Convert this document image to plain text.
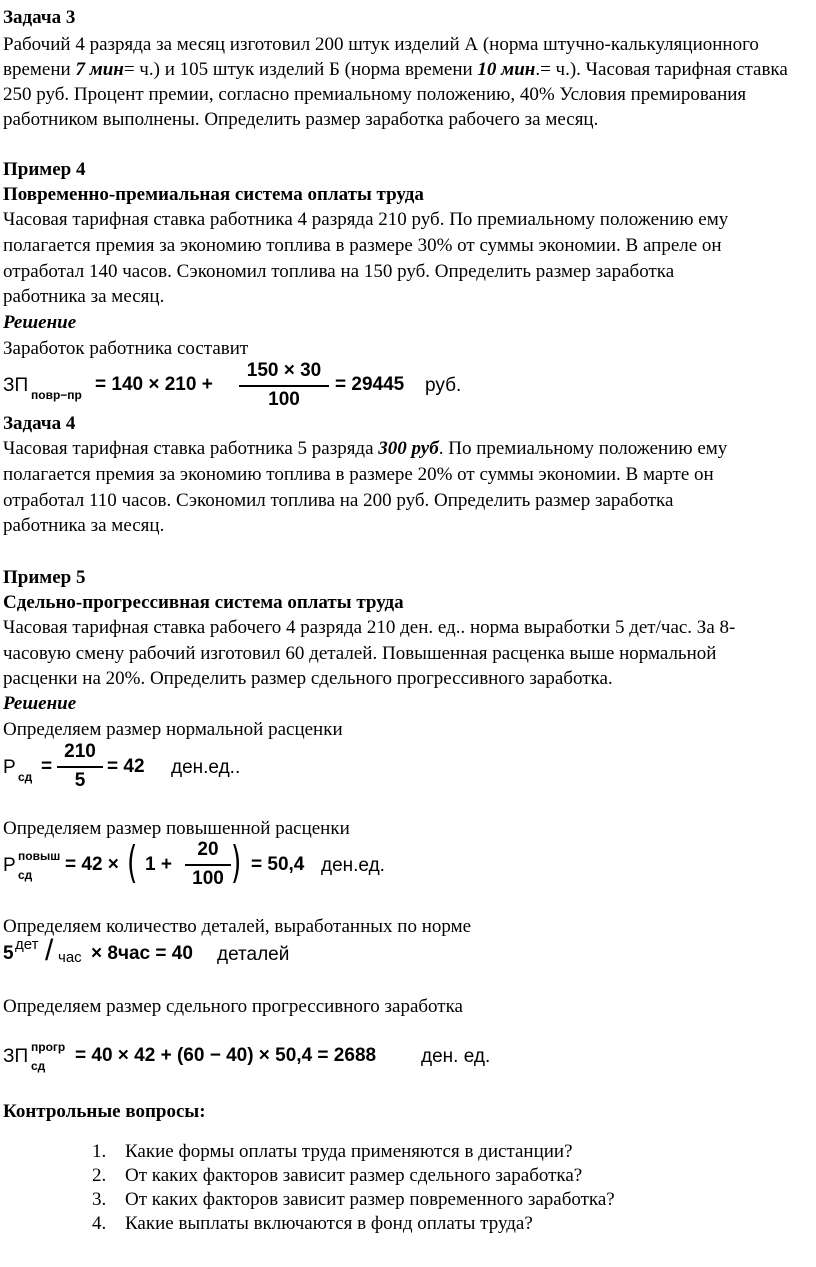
Задача 3
Рабочий 4 разряда за месяц изготовил 200 штук изделий А (норма штучно-калькуляционного
времени 7 мин= ч.) и 105 штук изделий Б (норма времени 10 мин.= ч.). Часовая тарифная ставка
250 руб. Процент премии, согласно премиальному положению, 40% Условия премирования
работником выполнены. Определить размер заработка рабочего за месяц.
Пример 4
Повременно-премиальная система оплаты труда
Часовая тарифная ставка работника 4 разряда 210 руб. По премиальному положению ему
полагается премия за экономию топлива в размере 30% от суммы экономии. В апреле он
отработал 140 часов. Сэкономил топлива на 150 руб. Определить размер заработка
работника за месяц.
Решение
Заработок работника составит
ЗП повр−пр = 140 × 210 +
150 × 30
100
= 29445 руб.
Задача 4
Часовая тарифная ставка работника 5 разряда 300 руб. По премиальному положению ему
полагается премия за экономию топлива в размере 20% от суммы экономии. В марте он
отработал 110 часов. Сэкономил топлива на 200 руб. Определить размер заработка
работника за месяц.
Пример 5
Сдельно-прогрессивная система оплаты труда
Часовая тарифная ставка рабочего 4 разряда 210 ден. ед.. норма выработки 5 дет/час. За 8-
часовую смену рабочий изготовил 60 деталей. Повышенная расценка выше нормальной
расценки на 20%. Определить размер сдельного прогрессивного заработка.
Решение
Определяем размер нормальной расценки
Р сд =
210
5
= 42 ден.ед..
Определяем размер повышенной расценки
Р повыш
сд = 42 × ( 1 +
20
100 ) = 50,4 ден.ед.
Определяем количество деталей, выработанных по норме
5 дет / час × 8час = 40 деталей
Определяем размер сдельного прогрессивного заработка
ЗП прогр
сд = 40 × 42 + (60 − 40) × 50,4 = 2688 ден. ед.
Контрольные вопросы:
1. Какие формы оплаты труда применяются в дистанции?
2. От каких факторов зависит размер сдельного заработка?
3. От каких факторов зависит размер повременного заработка?
4. Какие выплаты включаются в фонд оплаты труда?
